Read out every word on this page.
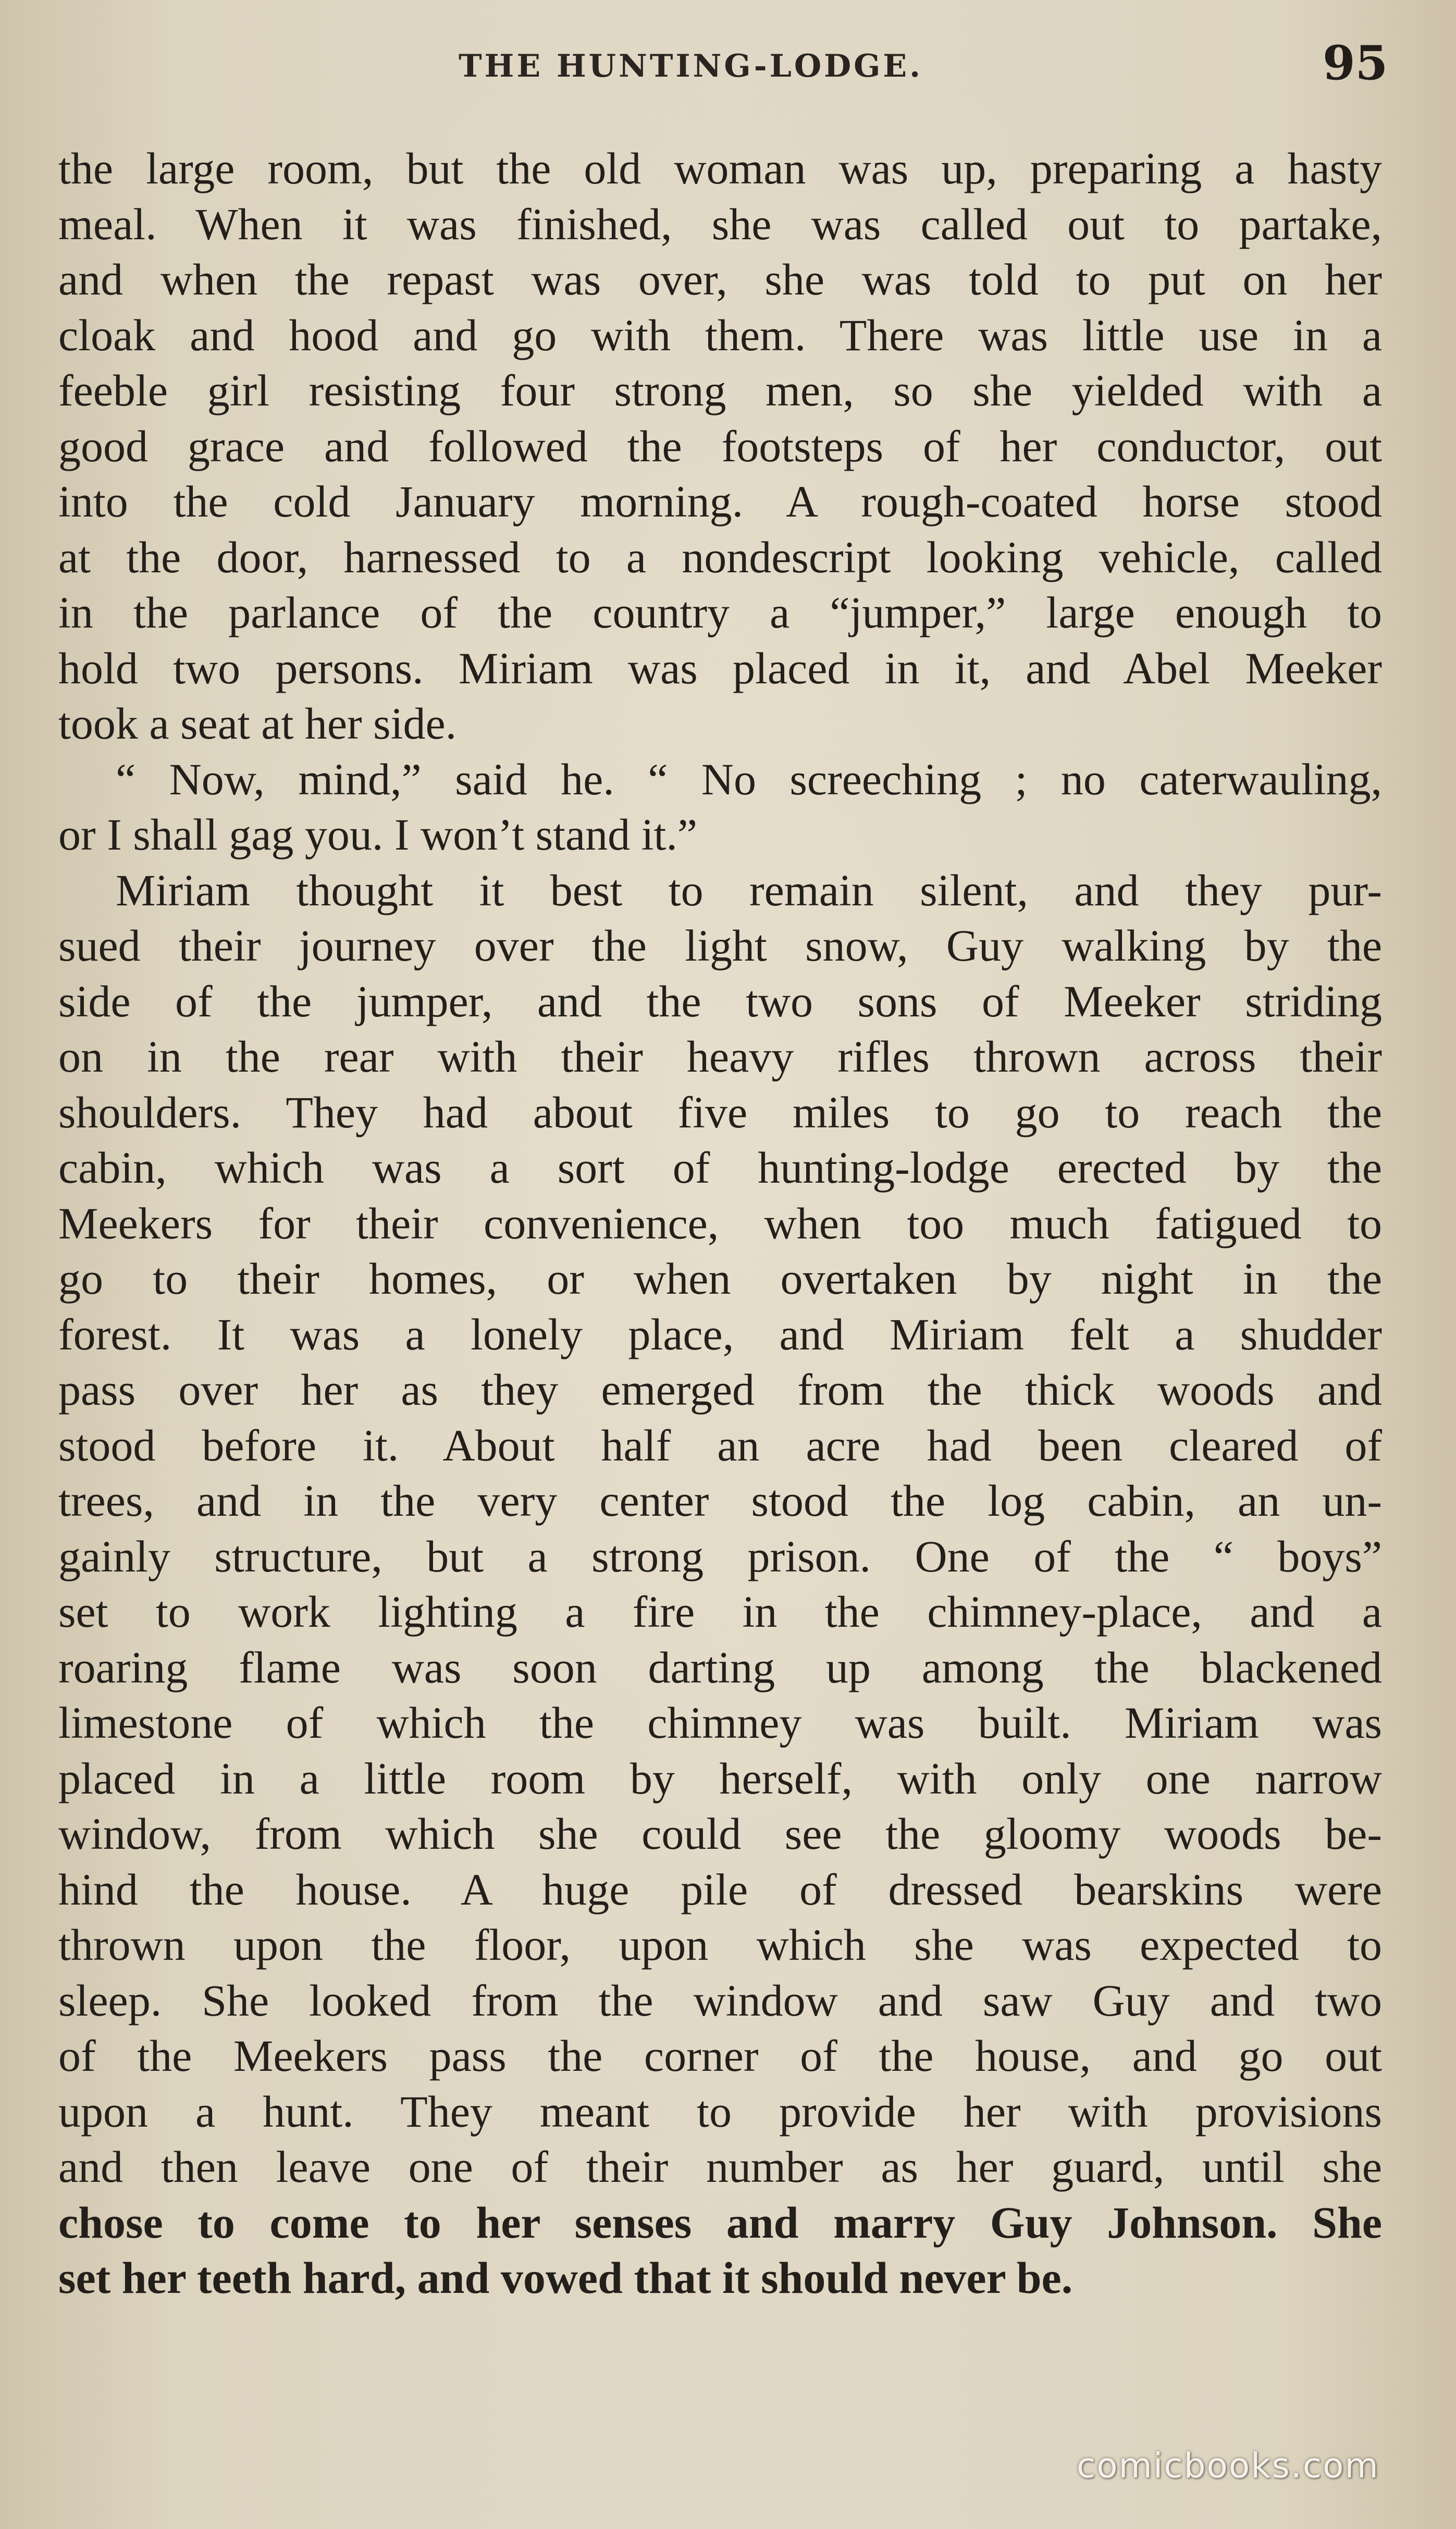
THE HUNTING-LODGE.	95
the large room, but the old woman was up, preparing a hasty
meal. When it was finished, she was called out to partake,
and when the repast was over, she was told to put on her
cloak and hood and go with them. There was little use in a
feeble girl resisting four strong men, so she yielded with a
good grace and followed the footsteps of her conductor, out
into the cold January morning. A rough-coated horse stood
at the door, harnessed to a nondescript looking vehicle, called
in the parlance of the country a “jumper,” large enough to
hold two persons. Miriam was placed in it, and Abel Meeker
took a seat at her side.
“ Now, mind,” said he. “ No screeching ; no caterwauling,
or I shall gag you. I won’t stand it.”
Miriam thought it best to remain silent, and they pur-
sued their journey over the light snow, Guy walking by the
side of the jumper, and the two sons of Meeker striding
on in the rear with their heavy rifles thrown across their
shoulders. They had about five miles to go to reach the
cabin, which was a sort of hunting-lodge erected by the
Meekers for their convenience, when too much fatigued to
go to their homes, or when overtaken by night in the
forest. It was a lonely place, and Miriam felt a shudder
pass over her as they emerged from the thick woods and
stood before it. About half an acre had been cleared of
trees, and in the very center stood the log cabin, an un-
gainly structure, but a strong prison. One of the “ boys”
set to work lighting a fire in the chimney-place, and a
roaring flame was soon darting up among the blackened
limestone of which the chimney was built. Miriam was
placed in a little room by herself, with only one narrow
window, from which she could see the gloomy woods be-
hind the house. A huge pile of dressed bearskins were
thrown upon the floor, upon which she was expected to
sleep. She looked from the window and saw Guy and two
of the Meekers pass the corner of the house, and go out
upon a hunt. They meant to provide her with provisions
and then leave one of their number as her guard, until she
chose to come to her senses and marry Guy Johnson. She
set her teeth hard, and vowed that it should never be.
comicbooks.com
